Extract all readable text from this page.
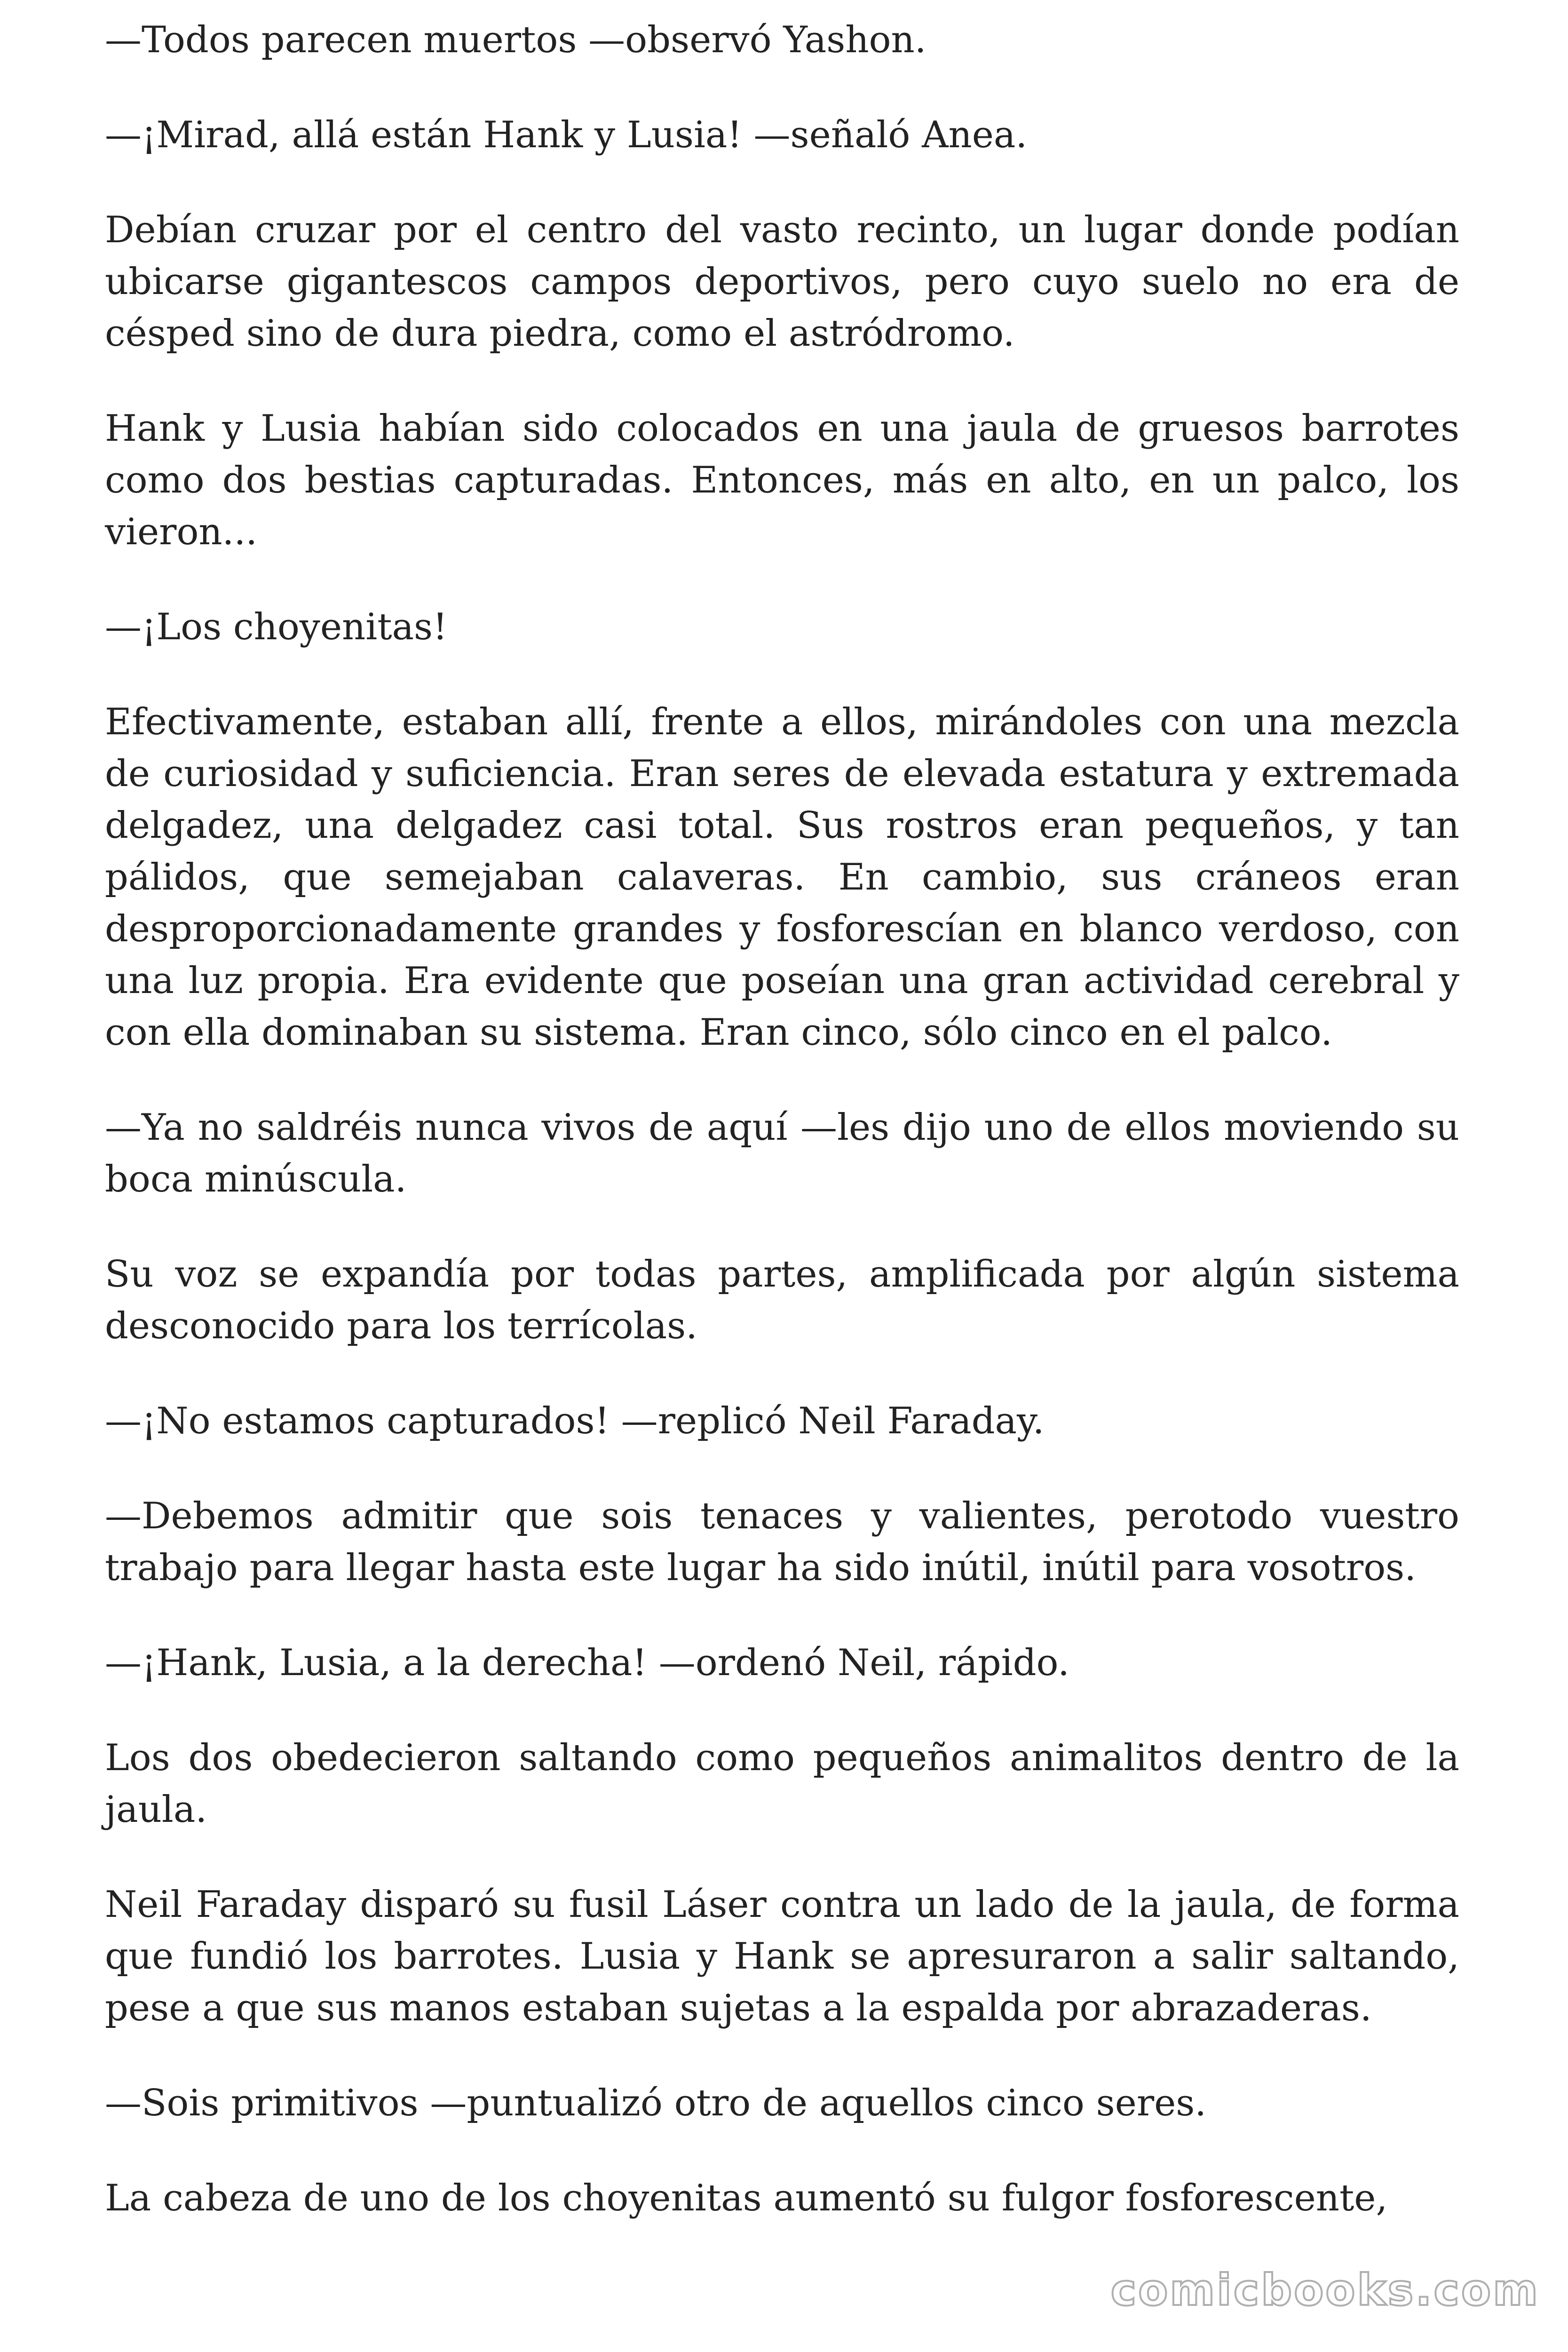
—Todos parecen muertos —observó Yashon.

—¡Mirad, allá están Hank y Lusia! —señaló Anea.

Debían cruzar por el centro del vasto recinto, un lugar donde podían ubicarse gigantescos campos deportivos, pero cuyo suelo no era de césped sino de dura piedra, como el astródromo.

Hank y Lusia habían sido colocados en una jaula de gruesos barrotes como dos bestias capturadas. Entonces, más en alto, en un palco, los vieron...

—¡Los choyenitas!

Efectivamente, estaban allí, frente a ellos, mirándoles con una mezcla de curiosidad y suficiencia. Eran seres de elevada estatura y extremada delgadez, una delgadez casi total. Sus rostros eran pequeños, y tan pálidos, que semejaban calaveras. En cambio, sus cráneos eran desproporcionadamente grandes y fosforescían en blanco verdoso, con una luz propia. Era evidente que poseían una gran actividad cerebral y con ella dominaban su sistema. Eran cinco, sólo cinco en el palco.

—Ya no saldréis nunca vivos de aquí —les dijo uno de ellos moviendo su boca minúscula.

Su voz se expandía por todas partes, amplificada por algún sistema desconocido para los terrícolas.

—¡No estamos capturados! —replicó Neil Faraday.

—Debemos admitir que sois tenaces y valientes, perotodo vuestro trabajo para llegar hasta este lugar ha sido inútil, inútil para vosotros.

—¡Hank, Lusia, a la derecha! —ordenó Neil, rápido.

Los dos obedecieron saltando como pequeños animalitos dentro de la jaula.

Neil Faraday disparó su fusil Láser contra un lado de la jaula, de forma que fundió los barrotes. Lusia y Hank se apresuraron a salir saltando, pese a que sus manos estaban sujetas a la espalda por abrazaderas.

—Sois primitivos —puntualizó otro de aquellos cinco seres.

La cabeza de uno de los choyenitas aumentó su fulgor fosforescente,

comicbooks.com
